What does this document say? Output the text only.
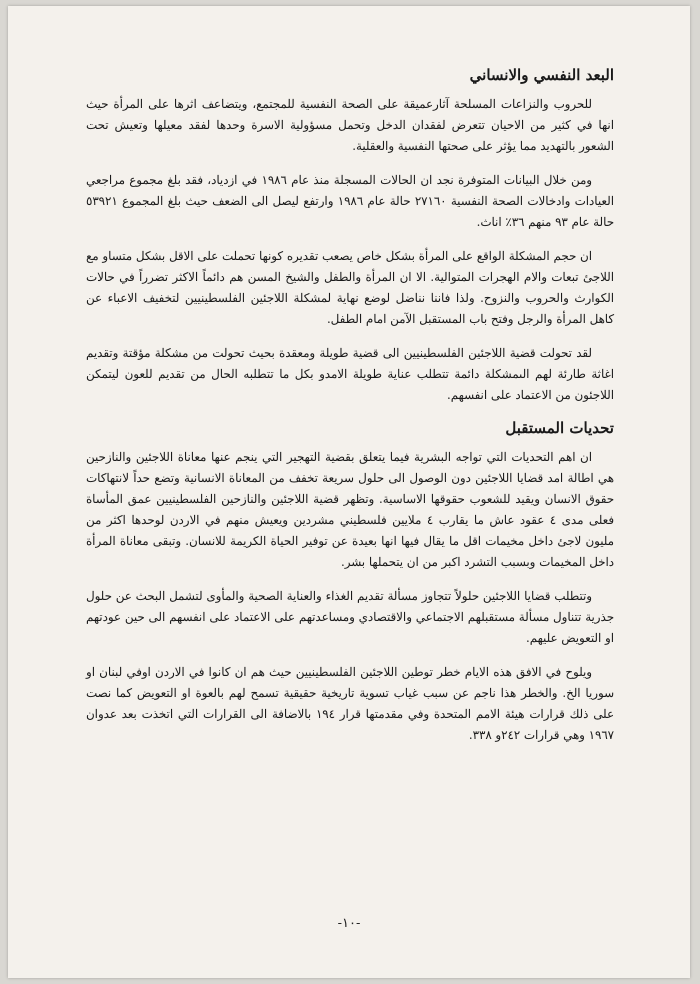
البعد النفسي والانساني

للحروب والنزاعات المسلحة آثارعميقة على الصحة النفسية للمجتمع، ويتضاعف اثرها على المرأة حيث انها في كثير من الاحيان تتعرض لفقدان الدخل وتحمل مسؤولية الاسرة وحدها لفقد معيلها وتعيش تحت الشعور بالتهديد مما يؤثر على صحتها النفسية والعقلية.

ومن خلال البيانات المتوفرة نجد ان الحالات المسجلة منذ عام ١٩٨٦ في ازدياد، فقد بلغ مجموع مراجعي العيادات وادخالات الصحة النفسية ٢٧١٦٠ حالة عام ١٩٨٦ وارتفع ليصل الى الضعف حيث بلغ المجموع ٥٣٩٢١ حالة عام ٩٣ منهم ٣٦٪ اناث.

ان حجم المشكلة الواقع على المرأة بشكل خاص يصعب تقديره كونها تحملت على الاقل بشكل متساو مع اللاجئ تبعات والام الهجرات المتوالية. الا ان المرأة والطفل والشيخ المسن هم دائماً الاكثر تضرراً في حالات الكوارث والحروب والنزوح. ولذا فاننا نناضل لوضع نهاية لمشكلة اللاجئين الفلسطينيين لتخفيف الاعباء عن كاهل المرأة والرجل وفتح باب المستقبل الآمن امام الطفل.

لقد تحولت قضية اللاجئين الفلسطينيين الى قضية طويلة ومعقدة بحيث تحولت من مشكلة مؤقتة وتقديم اغاثة طارئة لهم الىمشكلة دائمة تتطلب عناية طويلة الامدو بكل ما تتطلبه الحال من تقديم للعون ليتمكن اللاجئون من الاعتماد على انفسهم.

تحديات المستقبل

ان اهم التحديات التي تواجه البشرية فيما يتعلق بقضية التهجير التي ينجم عنها معاناة اللاجئين والنازحين هي اطالة امد قضايا اللاجئين دون الوصول الى حلول سريعة تخفف من المعاناة الانسانية وتضع حداً لانتهاكات حقوق الانسان ويقيد للشعوب حقوقها الاساسية. وتظهر قضية اللاجئين والنازحين الفلسطينيين عمق المأساة فعلى مدى ٤ عقود عاش ما يقارب ٤ ملايين فلسطيني مشردين ويعيش منهم في الاردن لوحدها اكثر من مليون لاجئ داخل مخيمات اقل ما يقال فيها انها بعيدة عن توفير الحياة الكريمة للانسان. وتبقى معاناة المرأة داخل المخيمات وبسبب التشرد اكبر من ان يتحملها بشر.

وتتطلب قضايا اللاجئين حلولاً تتجاوز مسألة تقديم الغذاء والعناية الصحية والمأوى لتشمل البحث عن حلول جذرية تتناول مسألة مستقبلهم الاجتماعي والاقتصادي ومساعدتهم على الاعتماد على انفسهم الى حين عودتهم او التعويض عليهم.

ويلوح في الافق هذه الايام خطر توطين اللاجئين الفلسطينيين حيث هم ان كانوا في الاردن اوفي لبنان او سوريا الخ. والخطر هذا ناجم عن سبب غياب تسوية تاريخية حقيقية تسمح لهم بالعوة او التعويض كما نصت على ذلك قرارات هيئة الامم المتحدة وفي مقدمتها قرار ١٩٤ بالاضافة الى القرارات التي اتخذت بعد عدوان ١٩٦٧ وهي قرارات ٢٤٢و ٣٣٨.

-١٠-
